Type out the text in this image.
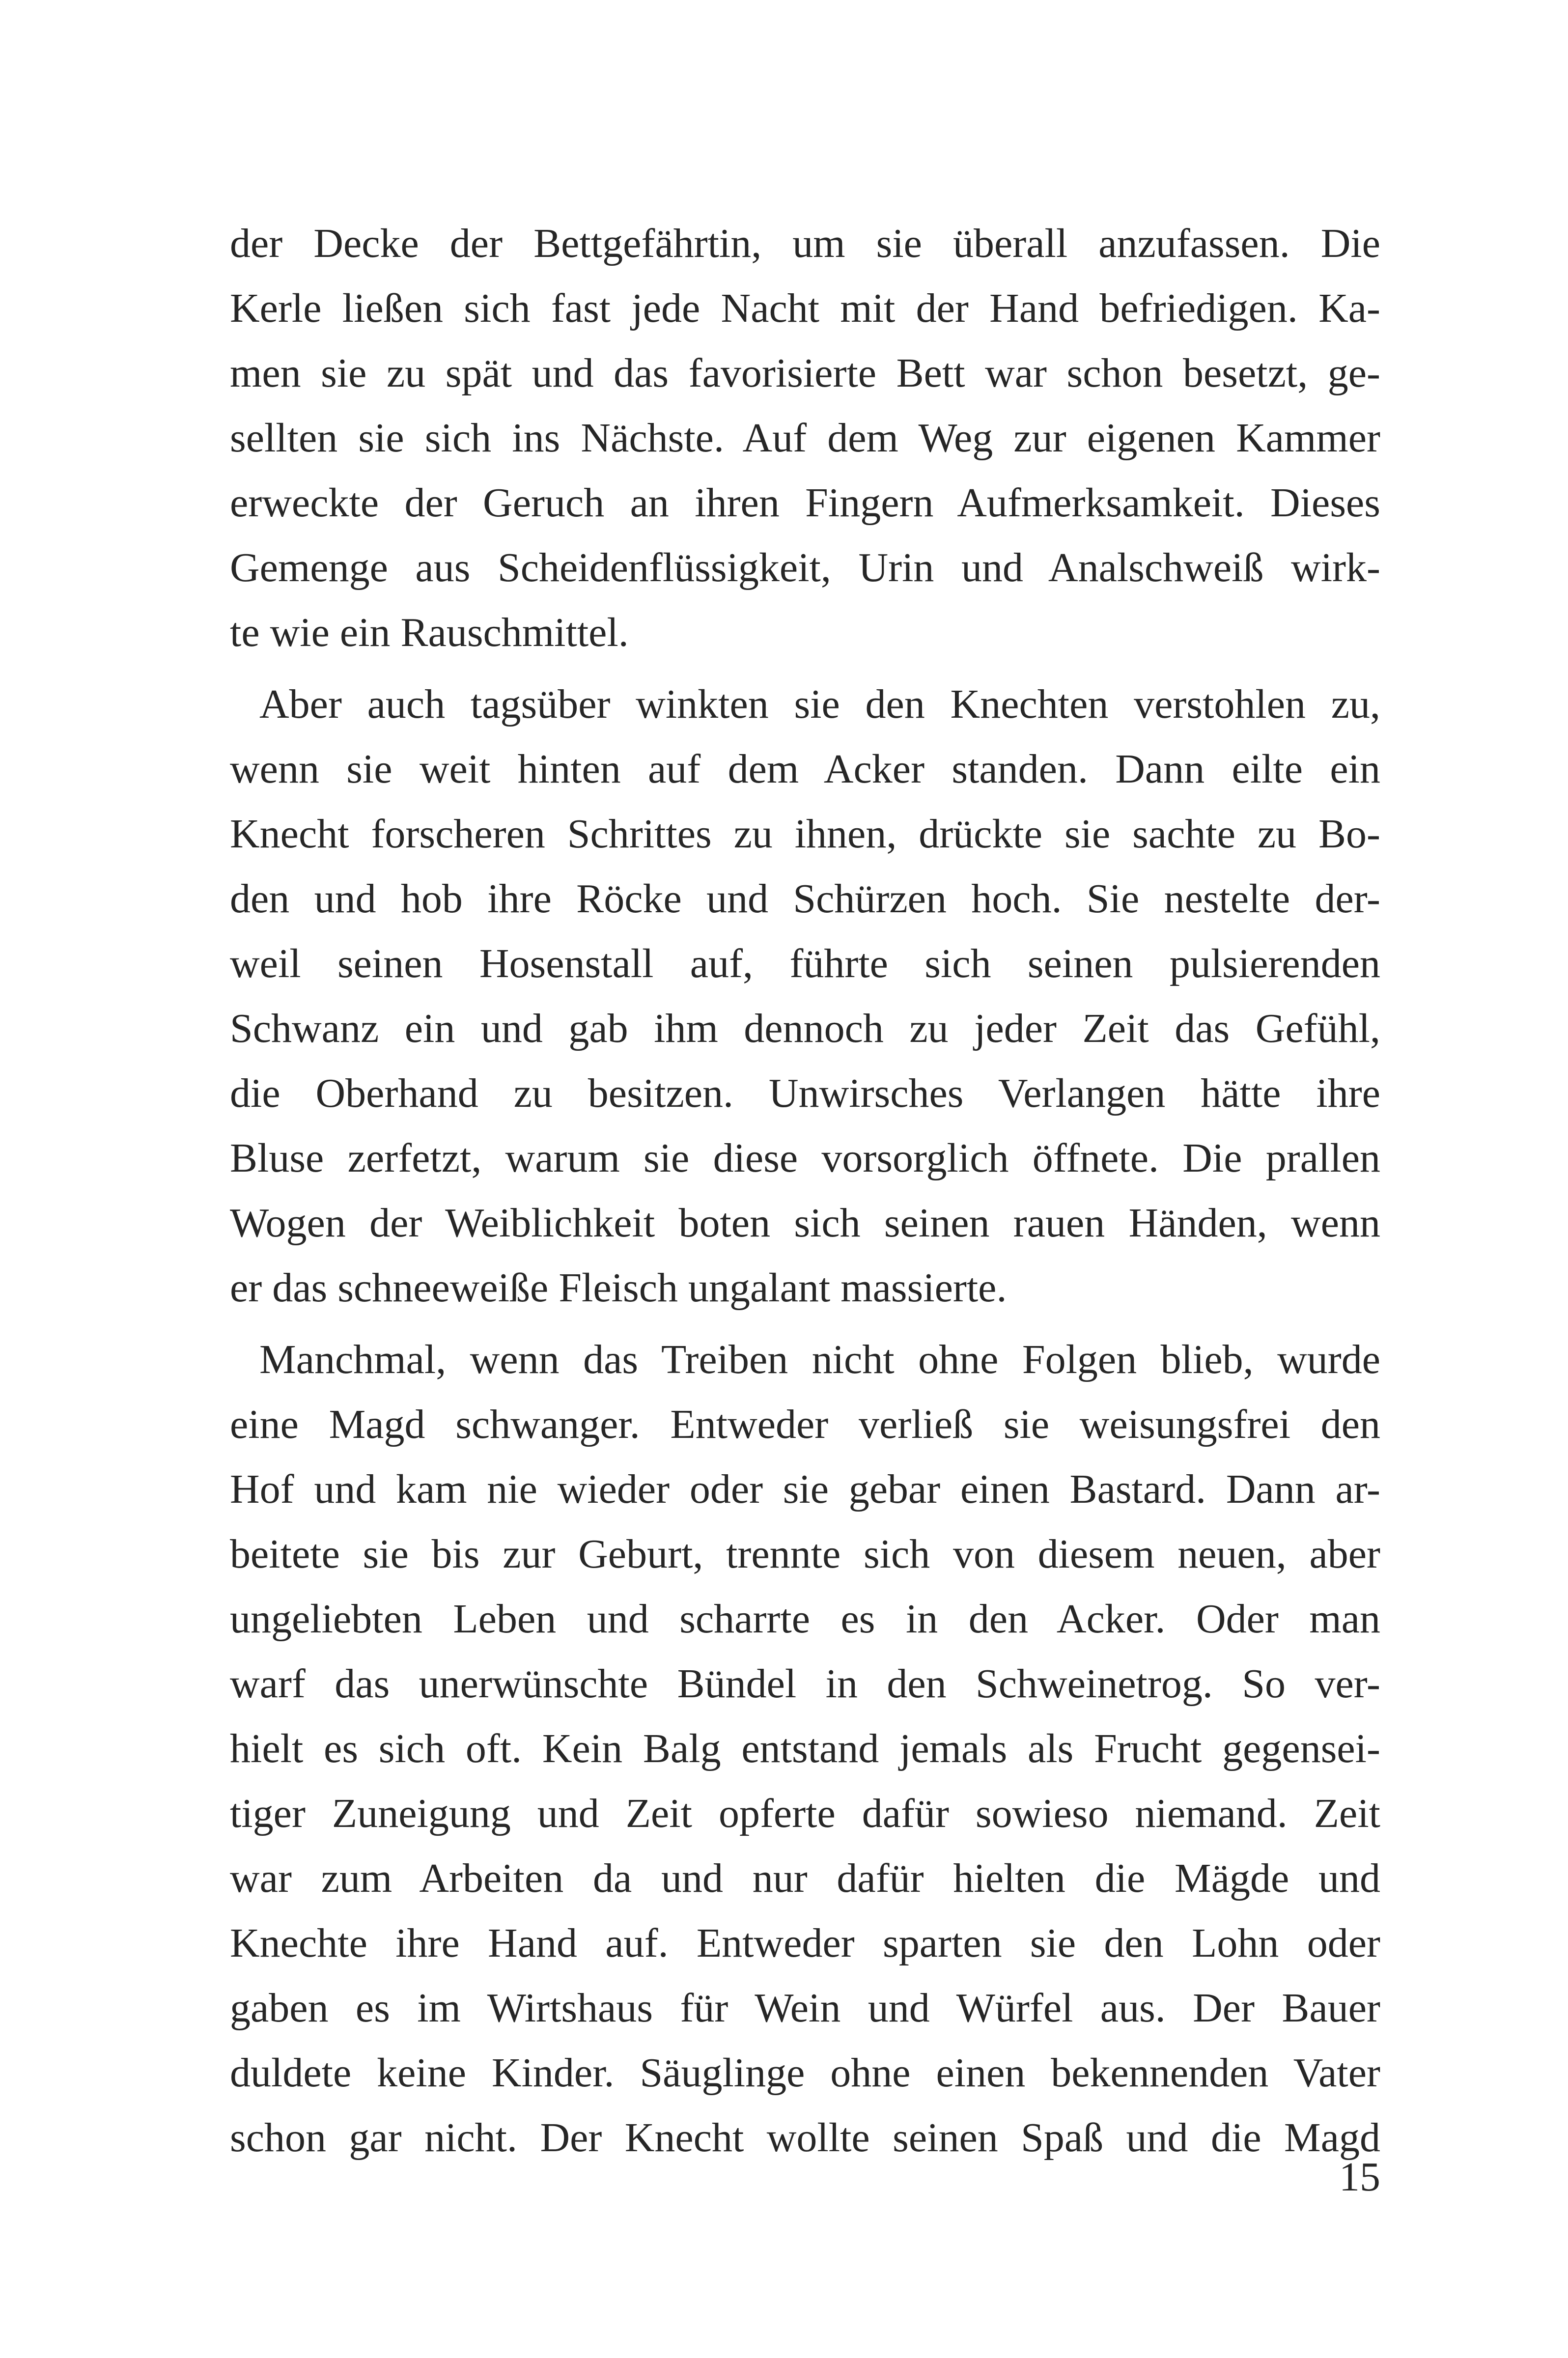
der Decke der Bettgefährtin, um sie überall anzufassen. Die
Kerle ließen sich fast jede Nacht mit der Hand befriedigen. Ka-
men sie zu spät und das favorisierte Bett war schon besetzt, ge-
sellten sie sich ins Nächste. Auf dem Weg zur eigenen Kammer
erweckte der Geruch an ihren Fingern Aufmerksamkeit. Dieses
Gemenge aus Scheidenflüssigkeit, Urin und Analschweiß wirk-
te wie ein Rauschmittel.
Aber auch tagsüber winkten sie den Knechten verstohlen zu,
wenn sie weit hinten auf dem Acker standen. Dann eilte ein
Knecht forscheren Schrittes zu ihnen, drückte sie sachte zu Bo-
den und hob ihre Röcke und Schürzen hoch. Sie nestelte der-
weil seinen Hosenstall auf, führte sich seinen pulsierenden
Schwanz ein und gab ihm dennoch zu jeder Zeit das Gefühl,
die Oberhand zu besitzen. Unwirsches Verlangen hätte ihre
Bluse zerfetzt, warum sie diese vorsorglich öffnete. Die prallen
Wogen der Weiblichkeit boten sich seinen rauen Händen, wenn
er das schneeweiße Fleisch ungalant massierte.
Manchmal, wenn das Treiben nicht ohne Folgen blieb, wurde
eine Magd schwanger. Entweder verließ sie weisungsfrei den
Hof und kam nie wieder oder sie gebar einen Bastard. Dann ar-
beitete sie bis zur Geburt, trennte sich von diesem neuen, aber
ungeliebten Leben und scharrte es in den Acker. Oder man
warf das unerwünschte Bündel in den Schweinetrog. So ver-
hielt es sich oft. Kein Balg entstand jemals als Frucht gegensei-
tiger Zuneigung und Zeit opferte dafür sowieso niemand. Zeit
war zum Arbeiten da und nur dafür hielten die Mägde und
Knechte ihre Hand auf. Entweder sparten sie den Lohn oder
gaben es im Wirtshaus für Wein und Würfel aus. Der Bauer
duldete keine Kinder. Säuglinge ohne einen bekennenden Vater
schon gar nicht. Der Knecht wollte seinen Spaß und die Magd
15
